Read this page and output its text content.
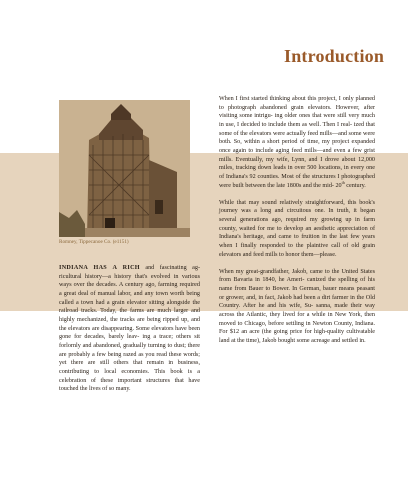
Introduction
Romney, Tippecanoe Co. (e1151)

When I first started thinking about this project, I only planned to photograph abandoned grain elevators. However, after visiting some intrigu- ing older ones that were still very much in use, I decided to include them as well. Then I real- ized that some of the elevators were actually feed mills—and some were both. So, within a short period of time, my project expanded once again to include aging feed mills—and even a few grist mills. Eventually, my wife, Lynn, and I drove about 12,000 miles, tracking down leads in over 500 locations, in every one of Indiana's 92 counties. Most of the structures I photographed were built between the late 1800s and the mid- 20th century.

While that may sound relatively straightforward, this book's journey was a long and circuitous one. In truth, it began several generations ago, required my growing up in farm county, waited for me to develop an aesthetic appreciation of Indiana's heritage, and came to fruition in the last few years when I finally responded to the plaintive call of old grain elevators and feed mills to honor them—please.

When my great-grandfather, Jakob, came to the United States from Bavaria in 1840, he Ameri- canized the spelling of his name from Bauer to Bower. In German, bauer means peasant or grower, and, in fact, Jakob had been a dirt farmer in the Old Country. After he and his wife, Su- sanna, made their way across the Atlantic, they lived for a while in New York, then moved to Chicago, before settling in Newton County, Indiana. For $12 an acre (the going price for high-quality cultivatable land at the time), Jakob bought some acreage and settled in.

INDIANA HAS A RICH and fascinating ag- ricultural history—a history that's evolved in various ways over the decades. A century ago, farming required a great deal of manual labor, and any town worth being called a town had a grain elevator sitting alongside the railroad tracks. Today, the farms are much larger and highly mechanized, the tracks are being ripped up, and the elevators are disappearing. Some elevators have been gone for decades, barely leav- ing a trace; others sit forlornly and abandoned, gradually turning to dust; there are probably a few being razed as you read these words; yet there are still others that remain in business, contributing to local economies. This book is a celebration of these important structures that have touched the lives of so many.
